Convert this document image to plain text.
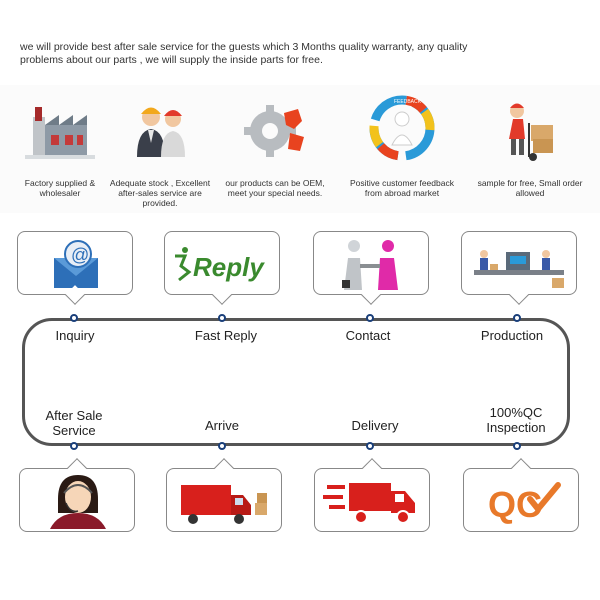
we will provide best after sale service for the guests which 3 Months quality warranty, any quality
problems about our parts , we will supply the inside parts for free.
Factory supplied &
wholesaler
Adequate stock , Excellent
after-sales service are
provided.
our products can be OEM,
meet your special needs.
FEEDBACK
Positive customer feedback
from abroad market
sample for free, Small order
allowed
@	Reply
Inquiry	Fast Reply	Contact	Production
After Sale
Service	Arrive	Delivery
100%QC
Inspection
QC
